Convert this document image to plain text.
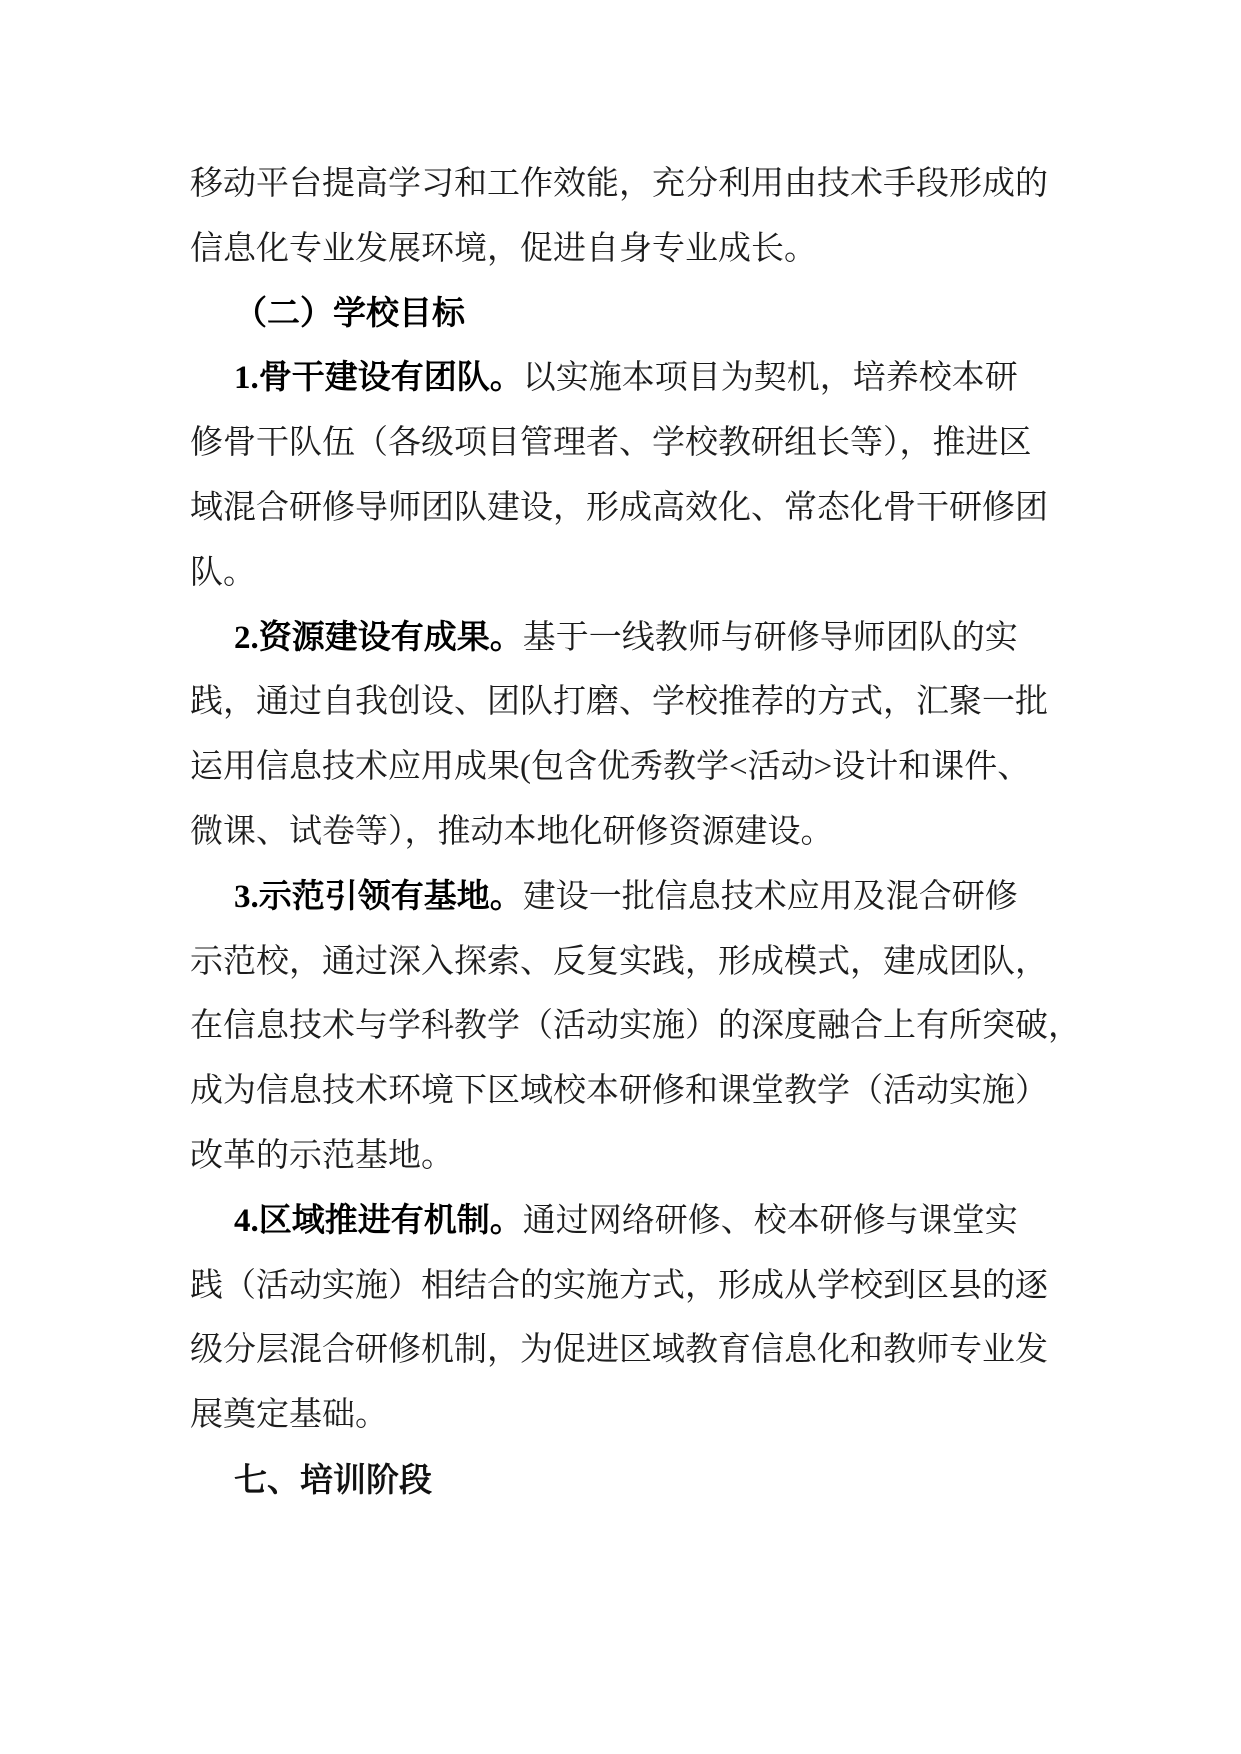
移动平台提高学习和工作效能，充分利用由技术手段形成的
信息化专业发展环境，促进自身专业成长。
（二）学校目标
1.骨干建设有团队。以实施本项目为契机，培养校本研
修骨干队伍（各级项目管理者、学校教研组长等），推进区
域混合研修导师团队建设，形成高效化、常态化骨干研修团
队。
2.资源建设有成果。基于一线教师与研修导师团队的实
践，通过自我创设、团队打磨、学校推荐的方式，汇聚一批
运用信息技术应用成果(包含优秀教学<活动>设计和课件、
微课、试卷等），推动本地化研修资源建设。
3.示范引领有基地。建设一批信息技术应用及混合研修
示范校，通过深入探索、反复实践，形成模式，建成团队，
在信息技术与学科教学（活动实施）的深度融合上有所突破，
成为信息技术环境下区域校本研修和课堂教学（活动实施）
改革的示范基地。
4.区域推进有机制。通过网络研修、校本研修与课堂实
践（活动实施）相结合的实施方式，形成从学校到区县的逐
级分层混合研修机制，为促进区域教育信息化和教师专业发
展奠定基础。
七、培训阶段
